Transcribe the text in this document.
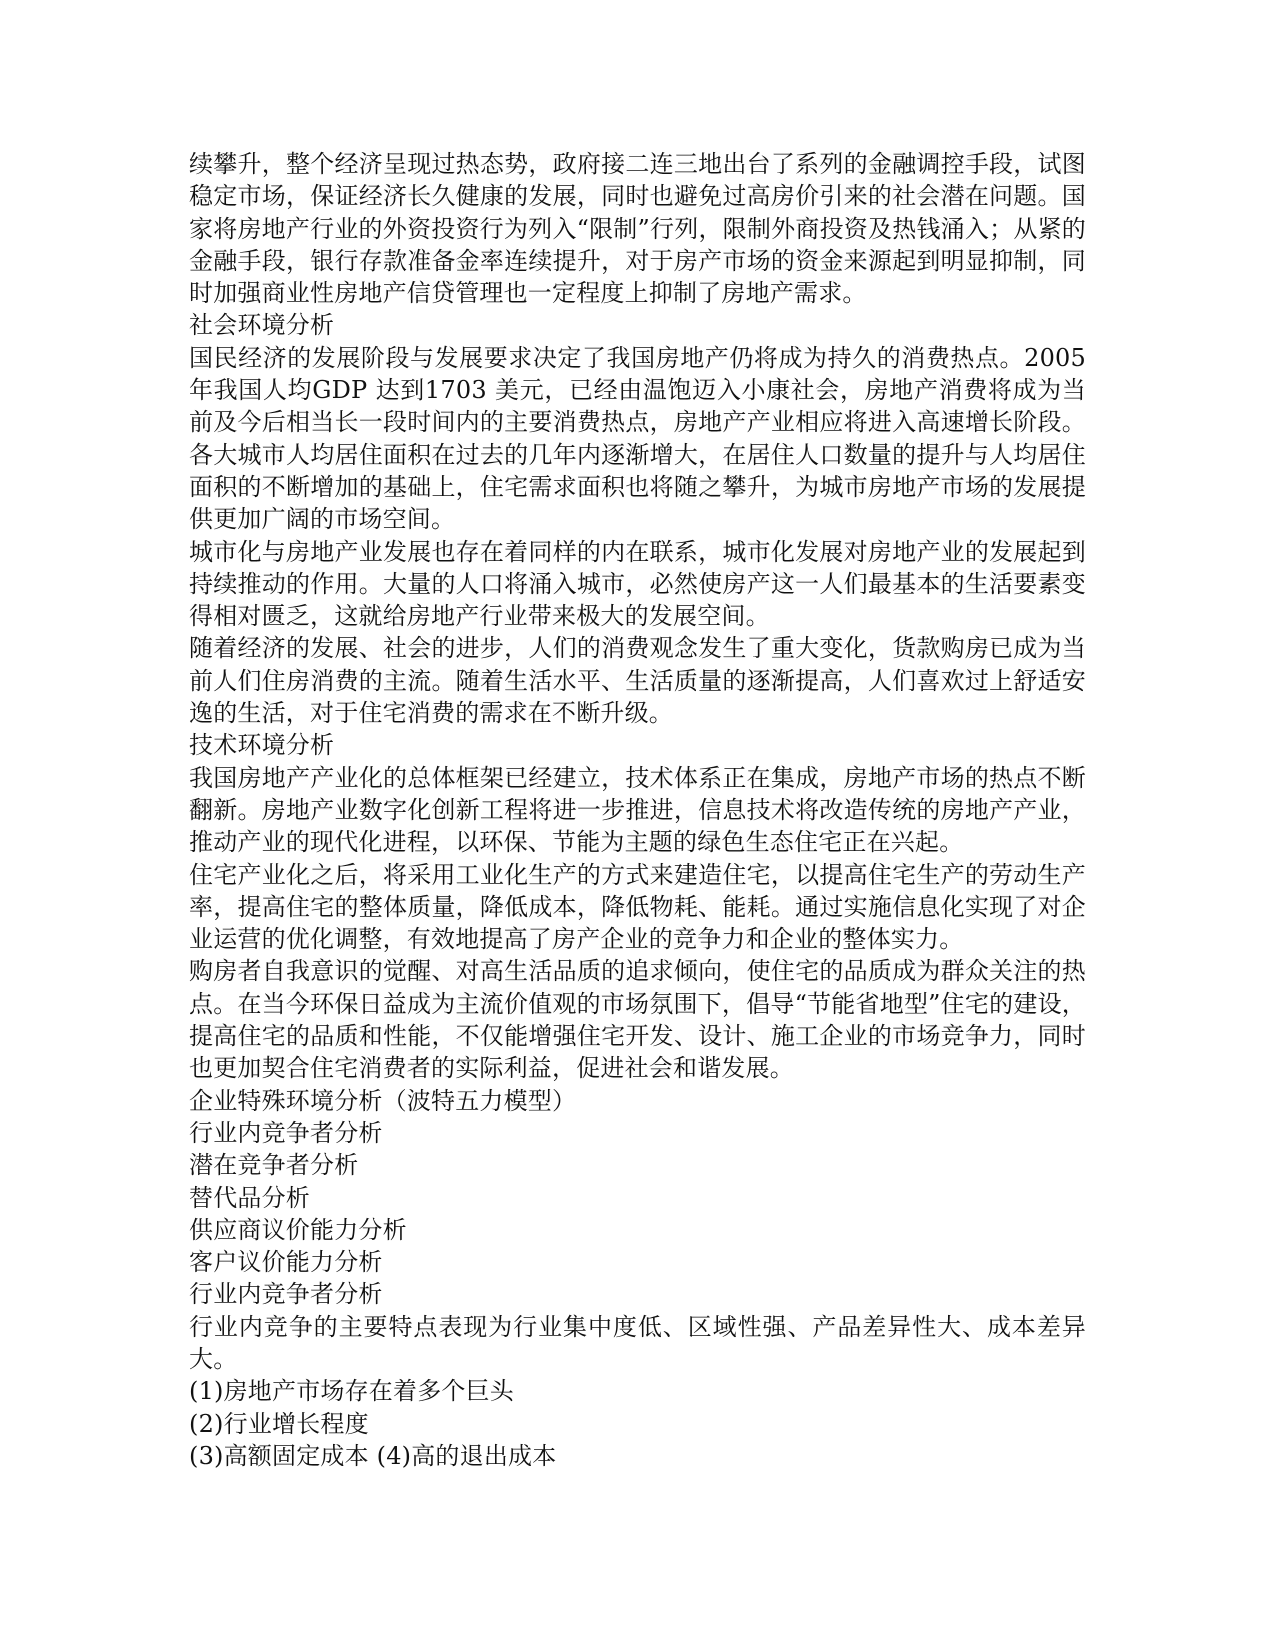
续攀升，整个经济呈现过热态势，政府接二连三地出台了系列的金融调控手段，试图稳定市场，保证经济长久健康的发展，同时也避免过高房价引来的社会潜在问题。国家将房地产行业的外资投资行为列入“限制”行列，限制外商投资及热钱涌入；从紧的金融手段，银行存款准备金率连续提升，对于房产市场的资金来源起到明显抑制，同时加强商业性房地产信贷管理也一定程度上抑制了房地产需求。

社会环境分析

国民经济的发展阶段与发展要求决定了我国房地产仍将成为持久的消费热点。2005年我国人均GDP 达到1703 美元，已经由温饱迈入小康社会，房地产消费将成为当前及今后相当长一段时间内的主要消费热点，房地产产业相应将进入高速增长阶段。各大城市人均居住面积在过去的几年内逐渐增大，在居住人口数量的提升与人均居住面积的不断增加的基础上，住宅需求面积也将随之攀升，为城市房地产市场的发展提供更加广阔的市场空间。

城市化与房地产业发展也存在着同样的内在联系，城市化发展对房地产业的发展起到持续推动的作用。大量的人口将涌入城市，必然使房产这一人们最基本的生活要素变得相对匮乏，这就给房地产行业带来极大的发展空间。

随着经济的发展、社会的进步，人们的消费观念发生了重大变化，货款购房已成为当前人们住房消费的主流。随着生活水平、生活质量的逐渐提高，人们喜欢过上舒适安逸的生活，对于住宅消费的需求在不断升级。

技术环境分析

我国房地产产业化的总体框架已经建立，技术体系正在集成，房地产市场的热点不断翻新。房地产业数字化创新工程将进一步推进，信息技术将改造传统的房地产产业，推动产业的现代化进程，以环保、节能为主题的绿色生态住宅正在兴起。

住宅产业化之后，将采用工业化生产的方式来建造住宅，以提高住宅生产的劳动生产率，提高住宅的整体质量，降低成本，降低物耗、能耗。通过实施信息化实现了对企业运营的优化调整，有效地提高了房产企业的竞争力和企业的整体实力。

购房者自我意识的觉醒、对高生活品质的追求倾向，使住宅的品质成为群众关注的热点。在当今环保日益成为主流价值观的市场氛围下，倡导“节能省地型”住宅的建设，提高住宅的品质和性能，不仅能增强住宅开发、设计、施工企业的市场竞争力，同时也更加契合住宅消费者的实际利益，促进社会和谐发展。

企业特殊环境分析（波特五力模型）

行业内竞争者分析

潜在竞争者分析

替代品分析

供应商议价能力分析

客户议价能力分析

行业内竞争者分析

行业内竞争的主要特点表现为行业集中度低、区域性强、产品差异性大、成本差异大。

(1)房地产市场存在着多个巨头

(2)行业增长程度

(3)高额固定成本 (4)高的退出成本
